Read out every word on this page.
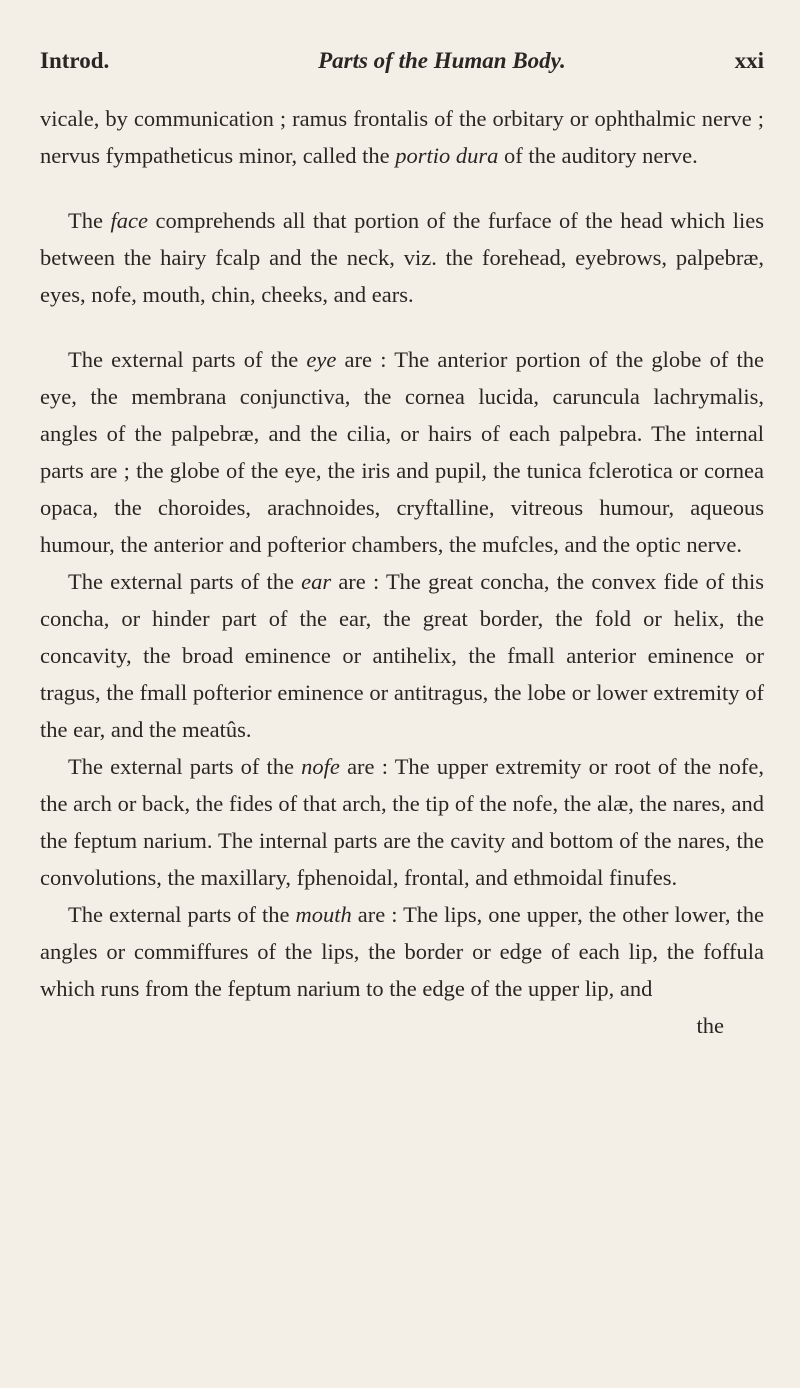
Introd.	Parts of the Human Body.	xxi

vicale, by communication ; ramus frontalis of the orbitary or ophthalmic nerve ; nervus fympatheticus minor, called the portio dura of the auditory nerve.

The face comprehends all that portion of the furface of the head which lies between the hairy fcalp and the neck, viz. the forehead, eyebrows, palpebræ, eyes, nofe, mouth, chin, cheeks, and ears.

The external parts of the eye are : The anterior portion of the globe of the eye, the membrana conjunctiva, the cornea lucida, caruncula lachrymalis, angles of the palpebræ, and the cilia, or hairs of each palpebra. The internal parts are ; the globe of the eye, the iris and pupil, the tunica fclerotica or cornea opaca, the choroides, arachnoides, cryftalline, vitreous humour, aqueous humour, the anterior and pofterior chambers, the mufcles, and the optic nerve.

The external parts of the ear are : The great concha, the convex fide of this concha, or hinder part of the ear, the great border, the fold or helix, the concavity, the broad eminence or antihelix, the fmall anterior eminence or tragus, the fmall pofterior eminence or antitragus, the lobe or lower extremity of the ear, and the meatûs.

The external parts of the nofe are : The upper extremity or root of the nofe, the arch or back, the fides of that arch, the tip of the nofe, the alæ, the nares, and the feptum narium. The internal parts are the cavity and bottom of the nares, the convolutions, the maxillary, fphenoidal, frontal, and ethmoidal finufes.

The external parts of the mouth are : The lips, one upper, the other lower, the angles or commiffures of the lips, the border or edge of each lip, the foffula which runs from the feptum narium to the edge of the upper lip, and

the
